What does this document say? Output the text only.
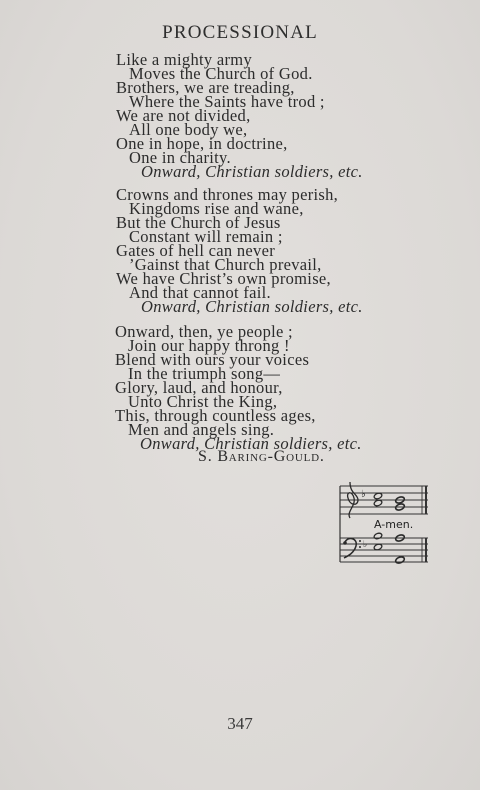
PROCESSIONAL
Like a mighty army
Moves the Church of God.
Brothers, we are treading,
Where the Saints have trod ;
We are not divided,
All one body we,
One in hope, in doctrine,
One in charity.
Onward, Christian soldiers, etc.
Crowns and thrones may perish,
Kingdoms rise and wane,
But the Church of Jesus
Constant will remain ;
Gates of hell can never
’Gainst that Church prevail,
We have Christ’s own promise,
And that cannot fail.
Onward, Christian soldiers, etc.
Onward, then, ye people ;
Join our happy throng !
Blend with ours your voices
In the triumph song—
Glory, laud, and honour,
Unto Christ the King,
This, through countless ages,
Men and angels sing.
Onward, Christian soldiers, etc.
S. Baring-Gould.
♭
♭
A-men.
347
